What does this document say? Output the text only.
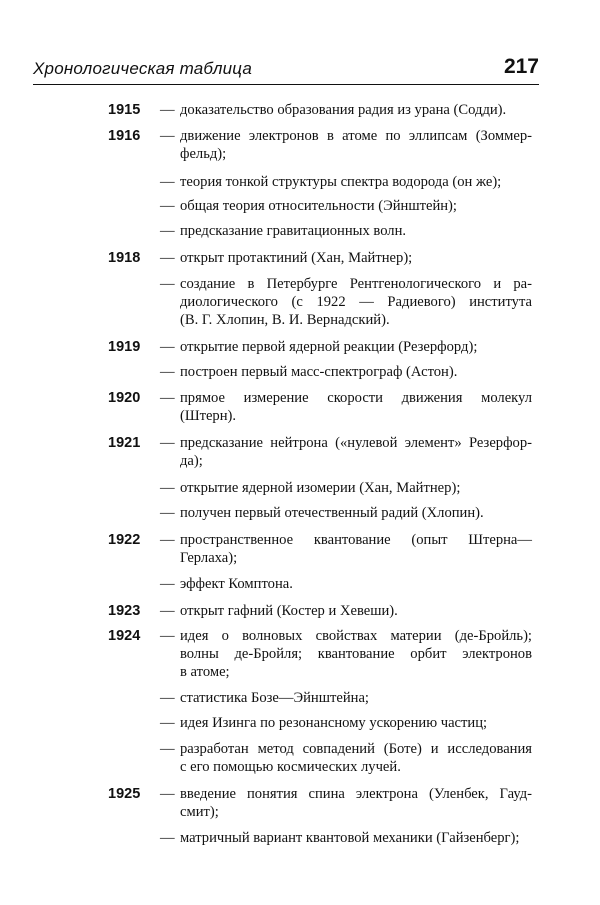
Хронологическая таблица	217
1915 — доказательство образования радия из урана (Содди).
1916 — движение электронов в атоме по эллипсам (Зоммер-
фельд);
— теория тонкой структуры спектра водорода (он же);
— общая теория относительности (Эйнштейн);
— предсказание гравитационных волн.
1918 — открыт протактиний (Хан, Майтнер);
— создание в Петербурге Рентгенологического и ра-
диологического (с 1922 — Радиевого) института
(В. Г. Хлопин, В. И. Вернадский).
1919 — открытие первой ядерной реакции (Резерфорд);
— построен первый масс-спектрограф (Астон).
1920 — прямое измерение скорости движения молекул
(Штерн).
1921 — предсказание нейтрона («нулевой элемент» Резерфор-
да);
— открытие ядерной изомерии (Хан, Майтнер);
— получен первый отечественный радий (Хлопин).
1922 — пространственное квантование (опыт Штерна—
Герлаха);
— эффект Комптона.
1923 — открыт гафний (Костер и Хевеши).
1924 — идея о волновых свойствах материи (де-Бройль);
волны де-Бройля; квантование орбит электронов
в атоме;
— статистика Бозе—Эйнштейна;
— идея Изинга по резонансному ускорению частиц;
— разработан метод совпадений (Боте) и исследования
с его помощью космических лучей.
1925 — введение понятия спина электрона (Уленбек, Гауд-
смит);
— матричный вариант квантовой механики (Гайзенберг);
